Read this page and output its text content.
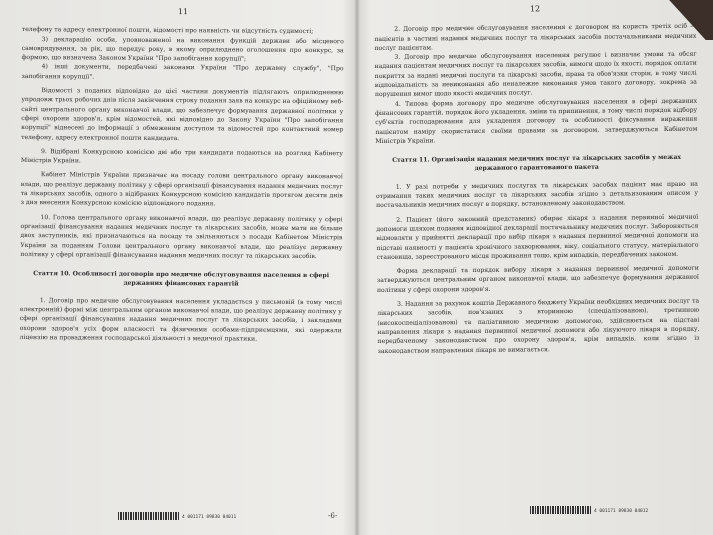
11

телефону та адресу електронної пошти, відомості про наявність чи відсутність судимості;

3) декларацію особи, уповноваженої на виконання функцій держави або місцевого самоврядування, за рік, що передує року, в якому оприлюднено оголошення про конкурс, за формою, що визначена Законом України "Про запобігання корупції";

4) інші документи, передбачені законами України "Про державну службу", "Про запобігання корупції".

Відомості з поданих відповідно до цієї частини документів підлягають оприлюдненню упродовж трьох робочих днів після закінчення строку подання заяв на конкурс на офіційному веб-сайті центрального органу виконавчої влади, що забезпечує формування державної політики у сфері охорони здоров'я, крім відомостей, які відповідно до Закону України "Про запобігання корупції" віднесені до інформації з обмеженим доступом та відомостей про контактний номер телефону, адресу електронної пошти кандидата.

9. Відібрані Конкурсною комісією дві або три кандидати подаються на розгляд Кабінету Міністрів України.

Кабінет Міністрів України призначає на посаду голови центрального органу виконавчої влади, що реалізує державну політику у сфері організації фінансування надання медичних послуг та лікарських засобів, одного з відібраних Конкурсною комісією кандидатів протягом десяти днів з дня внесення Конкурсною комісією відповідного подання.

10. Голова центрального органу виконавчої влади, що реалізує державну політику у сфері організації фінансування надання медичних послуг та лікарських засобів, може мати не більше двох заступників, які призначаються на посаду та звільняються з посади Кабінетом Міністрів України за поданням Голови центрального органу виконавчої влади, що реалізує державну політику у сфері організації фінансування надання медичних послуг та лікарських засобів.

Стаття 10. Особливості договорів про медичне обслуговування населення в сфері державних фінансових гарантій

1. Договір про медичне обслуговування населення укладається у письмовій (в тому числі електронній) формі між центральним органом виконавчої влади, що реалізує державну політику у сфері організації фінансування надання медичних послуг та лікарських засобів, і закладами охорони здоров'я усіх форм власності та фізичними особами-підприємцями, які одержали ліцензію на провадження господарської діяльності з медичної практики.

12

2. Договір про медичне обслуговування населення є договором на користь третіх осіб — пацієнтів в частині надання медичних послуг та лікарських засобів постачальниками медичних послуг пацієнтам.

3. Договір про медичне обслуговування населення регулює і визначає умови та обсяг надання пацієнтам медичних послуг та лікарських засобів, вимоги щодо їх якості, порядок оплати покриття за надані медичні послуги та лікарські засоби, права та обов'язки сторін, в тому числі відповідальність за невиконання або неналежне виконання умов такого договору, зокрема за порушення вимог щодо якості медичних послуг.

4. Типова форма договору про медичне обслуговування населення в сфері державних фінансових гарантій, порядок його укладення, зміни та припинення, в тому числі порядок відбору суб'єктів господарювання для укладення договору та особливості фіксування вираження пацієнтом наміру скористатися своїми правами за договором, затверджуються Кабінетом Міністрів України.

Стаття 11. Організація надання медичних послуг та лікарських засобів у межах державного гарантованого пакета

1. У разі потреби у медичних послугах та лікарських засобах пацієнт має право на отримання таких медичних послуг та лікарських засобів згідно з детальизованим описом у постачальників медичних послуг в порядку, встановленому законодавством.

2. Пацієнт (його законний представник) обирає лікаря з надання первинної медичної допомоги шляхом подання відповідної декларації постачальнику медичних послуг. Забороняється відмовляти у прийнятті декларації про вибір лікаря з надання первинної медичної допомоги на підставі наявності у пацієнта хронічного захворювання, віку, соціального статусу, матеріального становища, зареєстрованого місця проживання тощо, крім випадків, передбачених законом.

Форма декларації та порядок вибору лікаря з надання первинної медичної допомоги затверджуються центральним органом виконавчої влади, що забезпечує формування державної політики у сфері охорони здоров'я.

3. Надання за рахунок коштів Державного бюджету України необхідних медичних послуг та лікарських засобів, пов'язаних з вторинною (спеціалізованою), третинною (високоспеціалізованою) та паліативною медичною допомогою, здійснюється на підставі направлення лікаря з надання первинної медичної допомоги або лікуючого лікаря в порядку, передбаченому законодавством про охорону здоров'я, крім випадків, коли згідно із законодавством направлення лікаря не вимагається.

4 001171 89830 04011	-6-
4 001171 89830 04012
